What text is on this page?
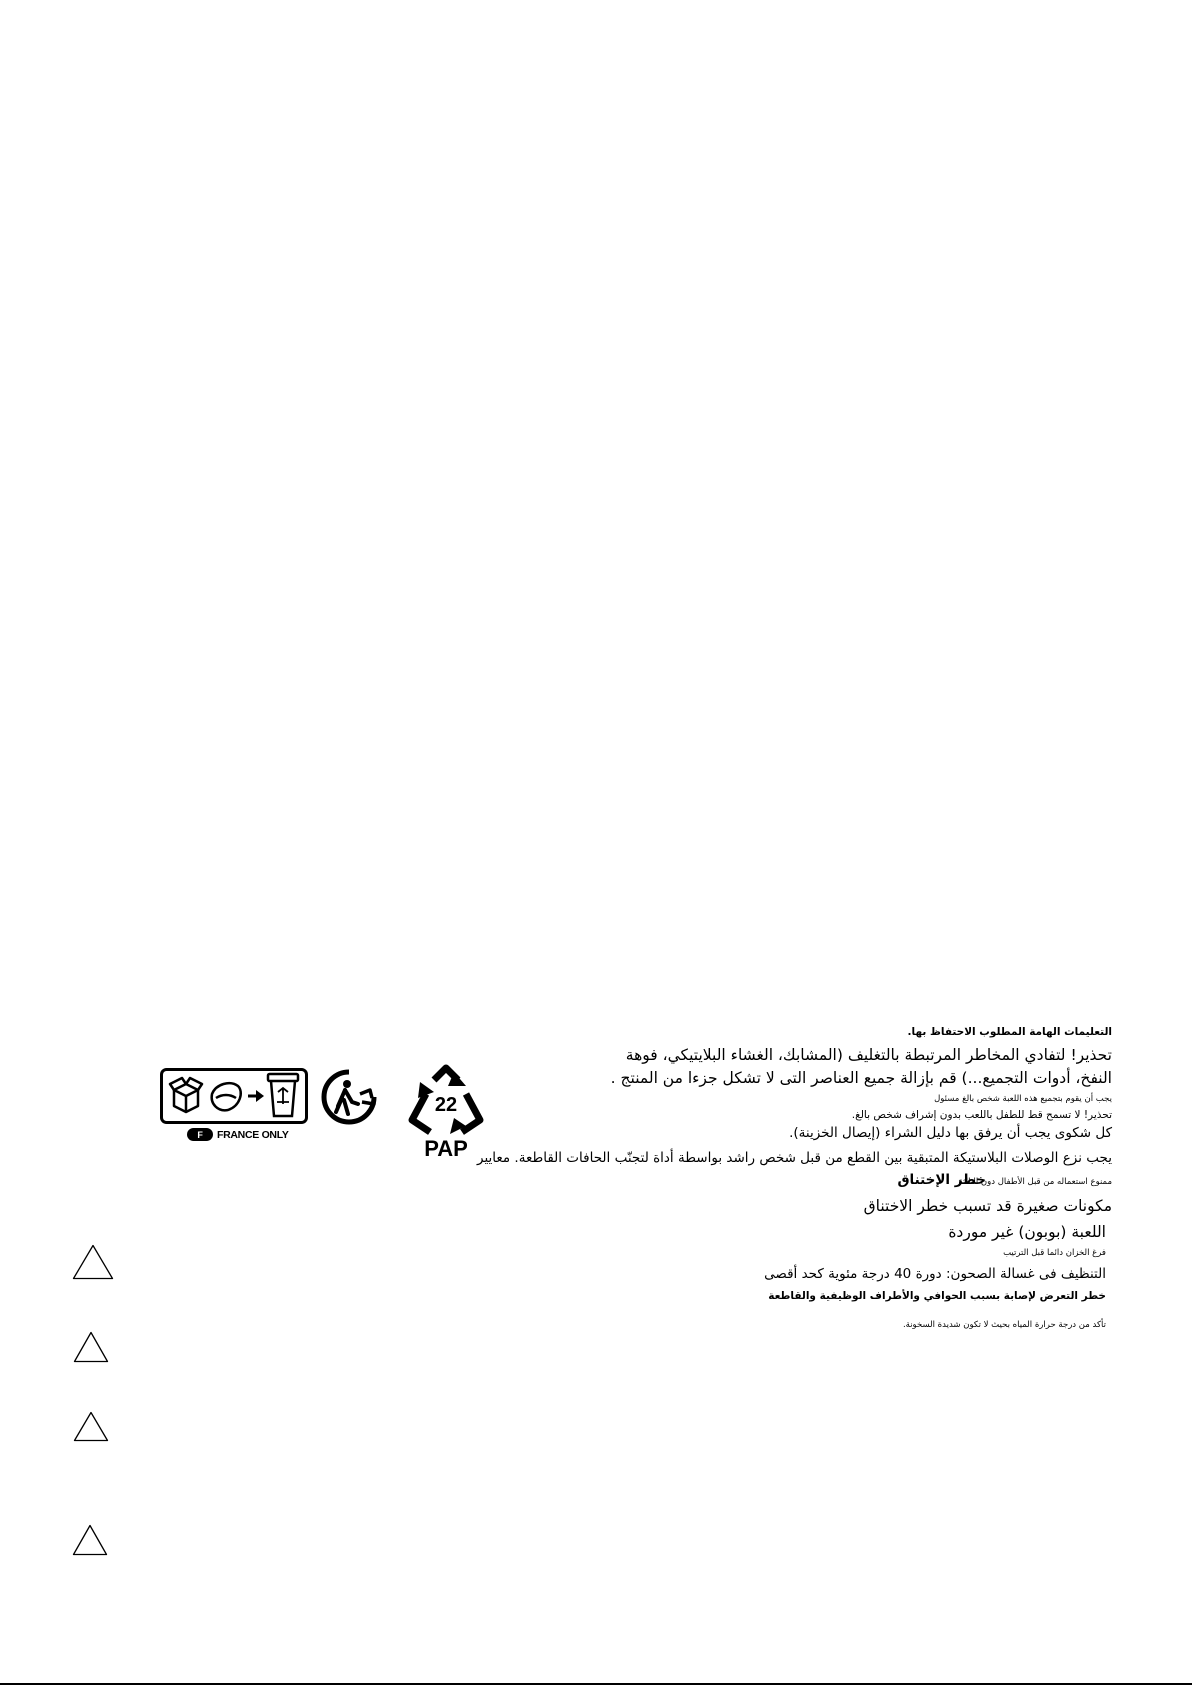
F	FRANCE ONLY
22
PAP
التعليمات الهامة المطلوب الاحتفاظ بها.
تحذير! لتفادي المخاطر المرتبطة بالتغليف (المشابك، الغشاء البلايتيكي، فوهة
النفخ، أدوات التجميع...) قم بإزالة جميع العناصر التى لا تشكل جزءا من المنتج .
يجب أن يقوم بتجميع هذه اللعبة شخص بالغ مسئول
تحذير! لا تسمح قط للطفل باللعب بدون إشراف شخص بالغ.
كل شكوى يجب أن يرفق بها دليل الشراء (إيصال الخزينة).
يجب نزع الوصلات البلاستيكة المتبقية بين القطع من قبل شخص راشد بواسطة أداة لتجنّب الحافات القاطعة. معايير
خطر الإختناق
ممنوع استعماله من قبل الأطفال دون الثالثة
مكونات صغيرة قد تسبب خطر الاختناق
اللعبة (بوبون) غير موردة
فرغ الخزان دائما قبل الترتيب
التنظيف فى غسالة الصحون: دورة 40 درجة مئوية كحد أقصى
خطر التعرض لإصابة بسبب الحوافي والأطراف الوظيفية والقاطعة
تأكد من درجة حرارة المياه بحيث لا تكون شديدة السخونة.
